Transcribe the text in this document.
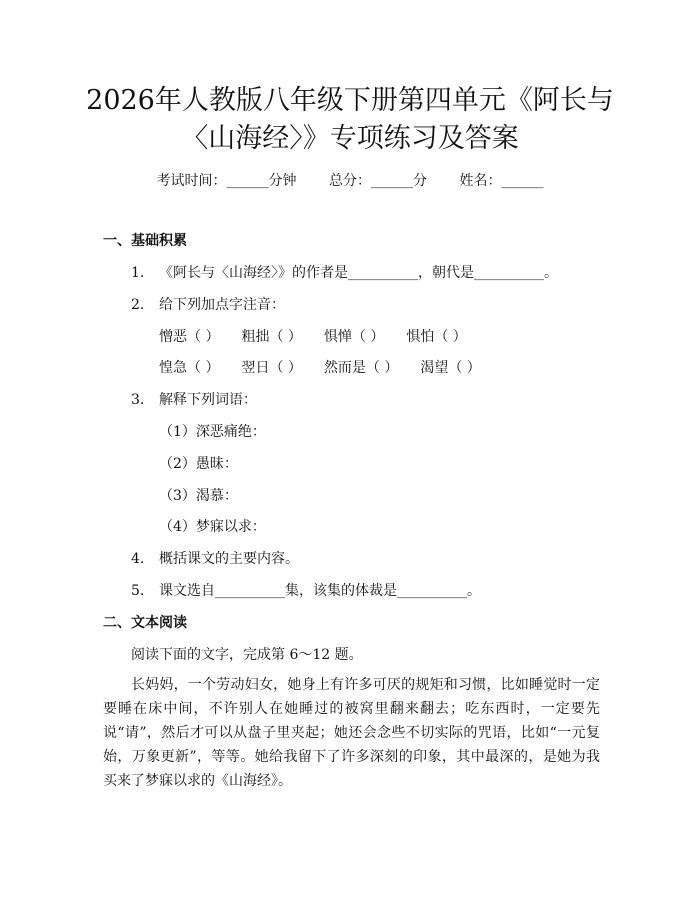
2026年人教版八年级下册第四单元《阿长与
〈山海经〉》专项练习及答案
考试时间：______分钟 总分：______分 姓名：______
一、基础积累
1. 《阿长与〈山海经〉》的作者是__________，朝代是__________。
2. 给下列加点字注音：
憎恶（ ） 粗拙（ ） 惧惮（ ） 惧怕（ ）
惶急（ ） 翌日（ ） 然而是（ ） 渴望（ ）
3. 解释下列词语：
（1）深恶痛绝：
（2）愚昧：
（3）渴慕：
（4）梦寐以求：
4. 概括课文的主要内容。
5. 课文选自__________集，该集的体裁是__________。
二、文本阅读
阅读下面的文字，完成第 6～12 题。
长妈妈，一个劳动妇女，她身上有许多可厌的规矩和习惯，比如睡觉时一定要睡在床中间，不许别人在她睡过的被窝里翻来翻去；吃东西时，一定要先说“请”，然后才可以从盘子里夹起；她还会念些不切实际的咒语，比如“一元复始，万象更新”，等等。她给我留下了许多深刻的印象，其中最深的，是她为我买来了梦寐以求的《山海经》。
